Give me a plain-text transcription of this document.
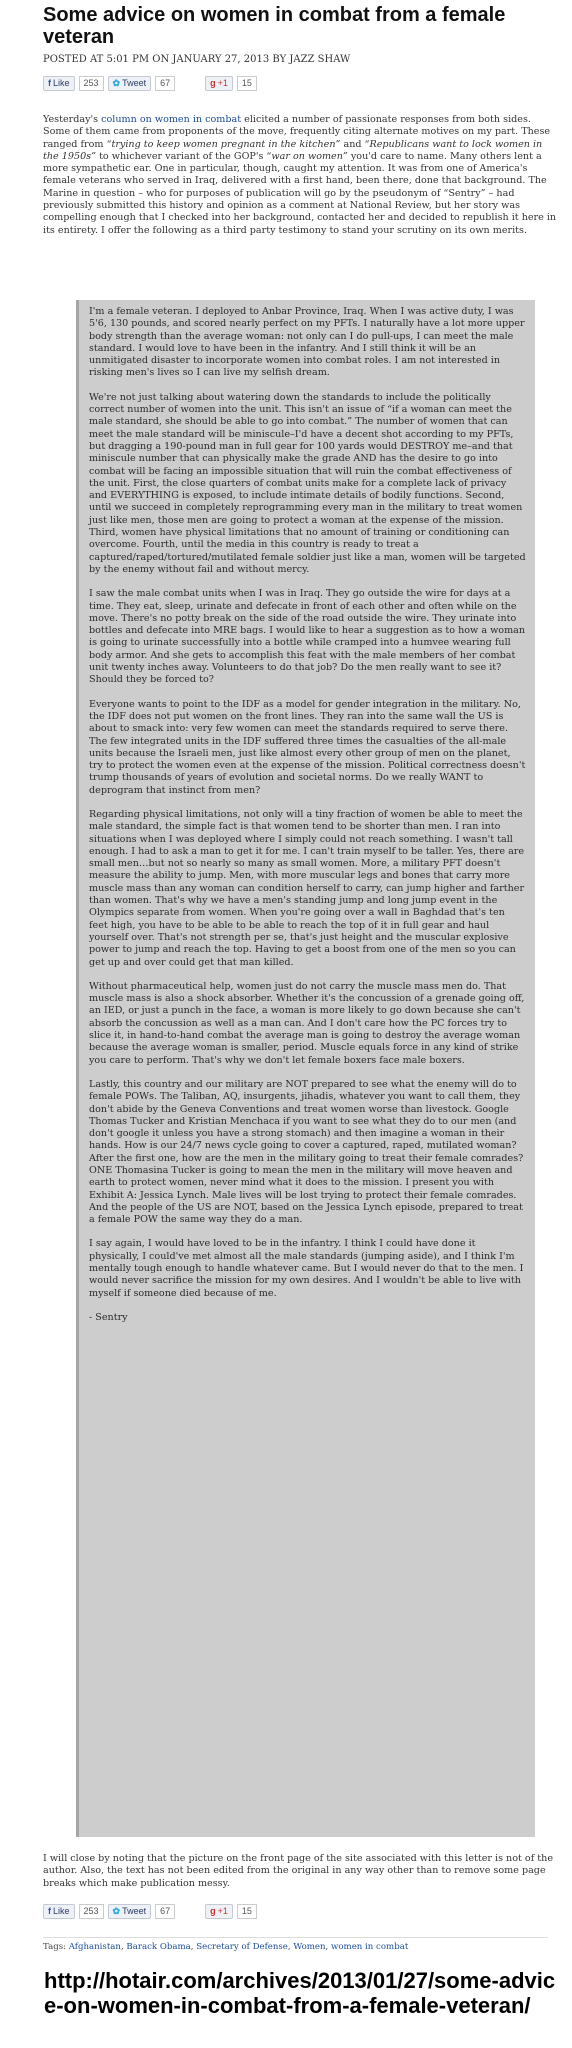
Some advice on women in combat from a female veteran
POSTED AT 5:01 PM ON JANUARY 27, 2013 BY JAZZ SHAW
f Like	253	✿ Tweet	67	g +1	15
Yesterday's column on women in combat elicited a number of passionate responses from both sides. Some of them came from proponents of the move, frequently citing alternate motives on my part. These ranged from “trying to keep women pregnant in the kitchen” and “Republicans want to lock women in the 1950s” to whichever variant of the GOP's “war on women” you'd care to name. Many others lent a more sympathetic ear. One in particular, though, caught my attention. It was from one of America's female veterans who served in Iraq, delivered with a first hand, been there, done that background. The Marine in question – who for purposes of publication will go by the pseudonym of “Sentry” – had previously submitted this history and opinion as a comment at National Review, but her story was compelling enough that I checked into her background, contacted her and decided to republish it here in its entirety. I offer the following as a third party testimony to stand your scrutiny on its own merits.

I'm a female veteran. I deployed to Anbar Province, Iraq. When I was active duty, I was 5'6, 130 pounds, and scored nearly perfect on my PFTs. I naturally have a lot more upper body strength than the average woman: not only can I do pull-ups, I can meet the male standard. I would love to have been in the infantry. And I still think it will be an unmitigated disaster to incorporate women into combat roles. I am not interested in risking men's lives so I can live my selfish dream.

We're not just talking about watering down the standards to include the politically correct number of women into the unit. This isn't an issue of “if a woman can meet the male standard, she should be able to go into combat.” The number of women that can meet the male standard will be miniscule–I'd have a decent shot according to my PFTs, but dragging a 190-pound man in full gear for 100 yards would DESTROY me–and that miniscule number that can physically make the grade AND has the desire to go into combat will be facing an impossible situation that will ruin the combat effectiveness of the unit. First, the close quarters of combat units make for a complete lack of privacy and EVERYTHING is exposed, to include intimate details of bodily functions. Second, until we succeed in completely reprogramming every man in the military to treat women just like men, those men are going to protect a woman at the expense of the mission. Third, women have physical limitations that no amount of training or conditioning can overcome. Fourth, until the media in this country is ready to treat a captured/raped/tortured/mutilated female soldier just like a man, women will be targeted by the enemy without fail and without mercy.

I saw the male combat units when I was in Iraq. They go outside the wire for days at a time. They eat, sleep, urinate and defecate in front of each other and often while on the move. There's no potty break on the side of the road outside the wire. They urinate into bottles and defecate into MRE bags. I would like to hear a suggestion as to how a woman is going to urinate successfully into a bottle while cramped into a humvee wearing full body armor. And she gets to accomplish this feat with the male members of her combat unit twenty inches away. Volunteers to do that job? Do the men really want to see it? Should they be forced to?

Everyone wants to point to the IDF as a model for gender integration in the military. No, the IDF does not put women on the front lines. They ran into the same wall the US is about to smack into: very few women can meet the standards required to serve there. The few integrated units in the IDF suffered three times the casualties of the all-male units because the Israeli men, just like almost every other group of men on the planet, try to protect the women even at the expense of the mission. Political correctness doesn't trump thousands of years of evolution and societal norms. Do we really WANT to deprogram that instinct from men?

Regarding physical limitations, not only will a tiny fraction of women be able to meet the male standard, the simple fact is that women tend to be shorter than men. I ran into situations when I was deployed where I simply could not reach something. I wasn't tall enough. I had to ask a man to get it for me. I can't train myself to be taller. Yes, there are small men…but not so nearly so many as small women. More, a military PFT doesn't measure the ability to jump. Men, with more muscular legs and bones that carry more muscle mass than any woman can condition herself to carry, can jump higher and farther than women. That's why we have a men's standing jump and long jump event in the Olympics separate from women. When you're going over a wall in Baghdad that's ten feet high, you have to be able to be able to reach the top of it in full gear and haul yourself over. That's not strength per se, that's just height and the muscular explosive power to jump and reach the top. Having to get a boost from one of the men so you can get up and over could get that man killed.

Without pharmaceutical help, women just do not carry the muscle mass men do. That muscle mass is also a shock absorber. Whether it's the concussion of a grenade going off, an IED, or just a punch in the face, a woman is more likely to go down because she can't absorb the concussion as well as a man can. And I don't care how the PC forces try to slice it, in hand-to-hand combat the average man is going to destroy the average woman because the average woman is smaller, period. Muscle equals force in any kind of strike you care to perform. That's why we don't let female boxers face male boxers.

Lastly, this country and our military are NOT prepared to see what the enemy will do to female POWs. The Taliban, AQ, insurgents, jihadis, whatever you want to call them, they don't abide by the Geneva Conventions and treat women worse than livestock. Google Thomas Tucker and Kristian Menchaca if you want to see what they do to our men (and don't google it unless you have a strong stomach) and then imagine a woman in their hands. How is our 24/7 news cycle going to cover a captured, raped, mutilated woman? After the first one, how are the men in the military going to treat their female comrades? ONE Thomasina Tucker is going to mean the men in the military will move heaven and earth to protect women, never mind what it does to the mission. I present you with Exhibit A: Jessica Lynch. Male lives will be lost trying to protect their female comrades. And the people of the US are NOT, based on the Jessica Lynch episode, prepared to treat a female POW the same way they do a man.

I say again, I would have loved to be in the infantry. I think I could have done it physically, I could've met almost all the male standards (jumping aside), and I think I'm mentally tough enough to handle whatever came. But I would never do that to the men. I would never sacrifice the mission for my own desires. And I wouldn't be able to live with myself if someone died because of me.

- Sentry

I will close by noting that the picture on the front page of the site associated with this letter is not of the author. Also, the text has not been edited from the original in any way other than to remove some page breaks which make publication messy.
f Like	253	✿ Tweet	67	g +1	15
Tags: Afghanistan, Barack Obama, Secretary of Defense, Women, women in combat
http://hotair.com/archives/2013/01/27/some-advice-on-women-in-combat-from-a-female-veteran/
